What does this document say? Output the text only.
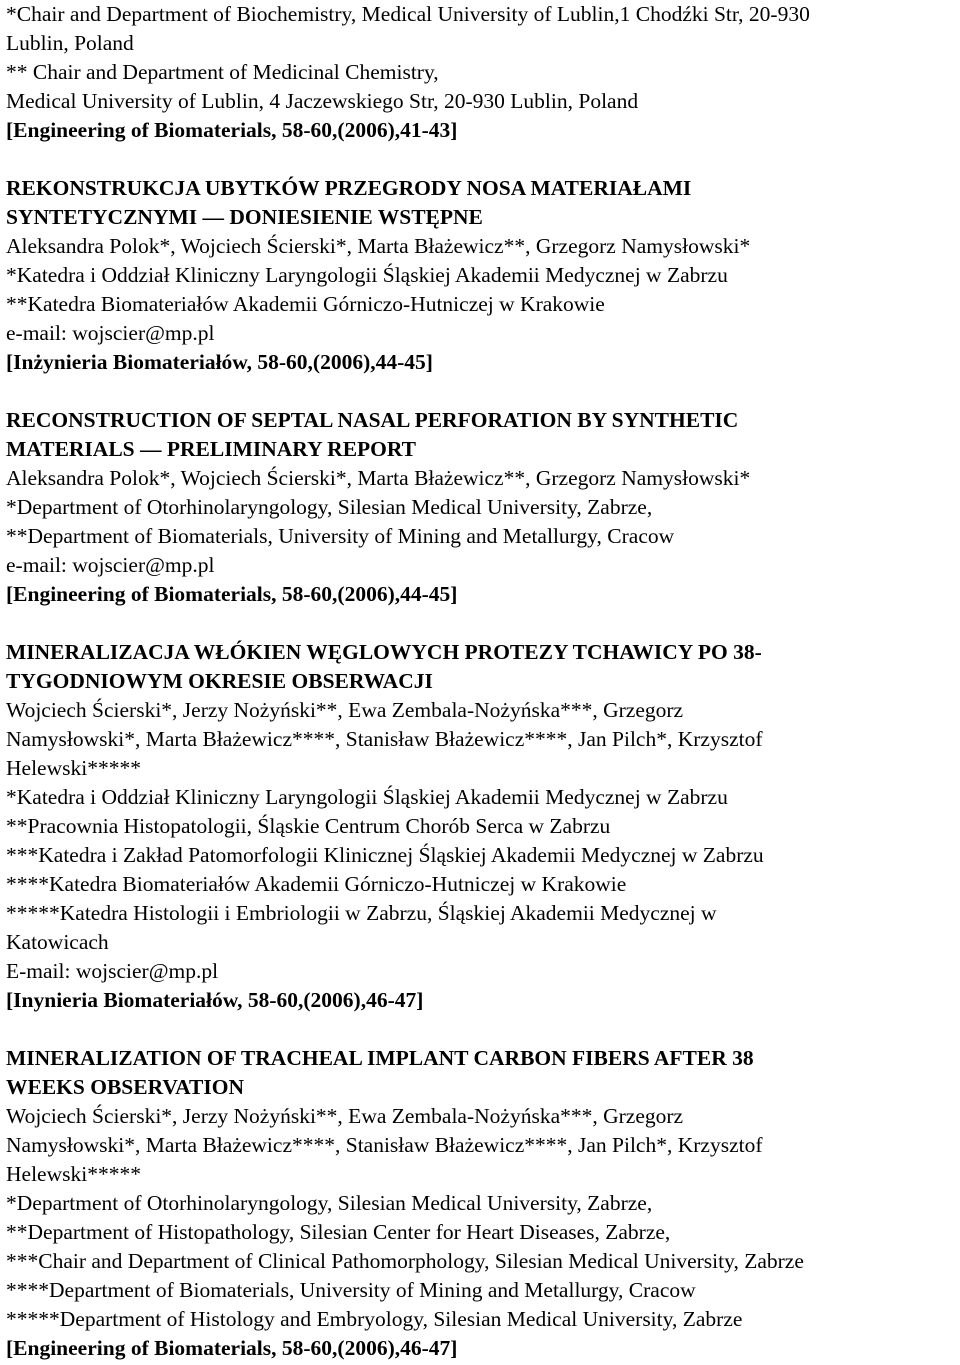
*Chair and Department of Biochemistry, Medical University of Lublin,1 Chodźki Str, 20-930
Lublin, Poland
** Chair and Department of Medicinal Chemistry,
Medical University of Lublin, 4 Jaczewskiego Str, 20-930 Lublin, Poland
[Engineering of Biomaterials, 58-60,(2006),41-43]
REKONSTRUKCJA UBYTKÓW PRZEGRODY NOSA MATERIAŁAMI
SYNTETYCZNYMI — DONIESIENIE WSTĘPNE
Aleksandra Polok*, Wojciech Ścierski*, Marta Błażewicz**, Grzegorz Namysłowski*
*Katedra i Oddział Kliniczny Laryngologii Śląskiej Akademii Medycznej w Zabrzu
**Katedra Biomateriałów Akademii Górniczo-Hutniczej w Krakowie
e-mail: wojscier@mp.pl
[Inżynieria Biomateriałów, 58-60,(2006),44-45]
RECONSTRUCTION OF SEPTAL NASAL PERFORATION BY SYNTHETIC
MATERIALS — PRELIMINARY REPORT
Aleksandra Polok*, Wojciech Ścierski*, Marta Błażewicz**, Grzegorz Namysłowski*
*Department of Otorhinolaryngology, Silesian Medical University, Zabrze,
**Department of Biomaterials, University of Mining and Metallurgy, Cracow
e-mail: wojscier@mp.pl
[Engineering of Biomaterials, 58-60,(2006),44-45]
MINERALIZACJA WŁÓKIEN WĘGLOWYCH PROTEZY TCHAWICY PO 38-
TYGODNIOWYM OKRESIE OBSERWACJI
Wojciech Ścierski*, Jerzy Nożyński**, Ewa Zembala-Nożyńska***, Grzegorz
Namysłowski*, Marta Błażewicz****, Stanisław Błażewicz****, Jan Pilch*, Krzysztof
Helewski*****
*Katedra i Oddział Kliniczny Laryngologii Śląskiej Akademii Medycznej w Zabrzu
**Pracownia Histopatologii, Śląskie Centrum Chorób Serca w Zabrzu
***Katedra i Zakład Patomorfologii Klinicznej Śląskiej Akademii Medycznej w Zabrzu
****Katedra Biomateriałów Akademii Górniczo-Hutniczej w Krakowie
*****Katedra Histologii i Embriologii w Zabrzu, Śląskiej Akademii Medycznej w
Katowicach
E-mail: wojscier@mp.pl
[Inynieria Biomateriałów, 58-60,(2006),46-47]
MINERALIZATION OF TRACHEAL IMPLANT CARBON FIBERS AFTER 38
WEEKS OBSERVATION
Wojciech Ścierski*, Jerzy Nożyński**, Ewa Zembala-Nożyńska***, Grzegorz
Namysłowski*, Marta Błażewicz****, Stanisław Błażewicz****, Jan Pilch*, Krzysztof
Helewski*****
*Department of Otorhinolaryngology, Silesian Medical University, Zabrze,
**Department of Histopathology, Silesian Center for Heart Diseases, Zabrze,
***Chair and Department of Clinical Pathomorphology, Silesian Medical University, Zabrze
****Department of Biomaterials, University of Mining and Metallurgy, Cracow
*****Department of Histology and Embryology, Silesian Medical University, Zabrze
[Engineering of Biomaterials, 58-60,(2006),46-47]
